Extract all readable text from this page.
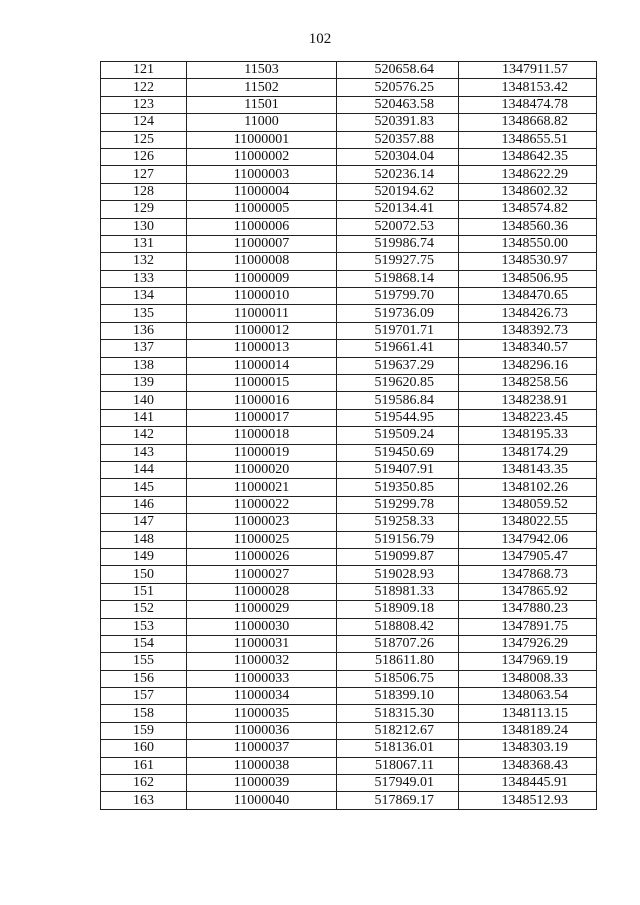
102
121	11503	520658.64	1347911.57
122	11502	520576.25	1348153.42
123	11501	520463.58	1348474.78
124	11000	520391.83	1348668.82
125	11000001	520357.88	1348655.51
126	11000002	520304.04	1348642.35
127	11000003	520236.14	1348622.29
128	11000004	520194.62	1348602.32
129	11000005	520134.41	1348574.82
130	11000006	520072.53	1348560.36
131	11000007	519986.74	1348550.00
132	11000008	519927.75	1348530.97
133	11000009	519868.14	1348506.95
134	11000010	519799.70	1348470.65
135	11000011	519736.09	1348426.73
136	11000012	519701.71	1348392.73
137	11000013	519661.41	1348340.57
138	11000014	519637.29	1348296.16
139	11000015	519620.85	1348258.56
140	11000016	519586.84	1348238.91
141	11000017	519544.95	1348223.45
142	11000018	519509.24	1348195.33
143	11000019	519450.69	1348174.29
144	11000020	519407.91	1348143.35
145	11000021	519350.85	1348102.26
146	11000022	519299.78	1348059.52
147	11000023	519258.33	1348022.55
148	11000025	519156.79	1347942.06
149	11000026	519099.87	1347905.47
150	11000027	519028.93	1347868.73
151	11000028	518981.33	1347865.92
152	11000029	518909.18	1347880.23
153	11000030	518808.42	1347891.75
154	11000031	518707.26	1347926.29
155	11000032	518611.80	1347969.19
156	11000033	518506.75	1348008.33
157	11000034	518399.10	1348063.54
158	11000035	518315.30	1348113.15
159	11000036	518212.67	1348189.24
160	11000037	518136.01	1348303.19
161	11000038	518067.11	1348368.43
162	11000039	517949.01	1348445.91
163	11000040	517869.17	1348512.93
